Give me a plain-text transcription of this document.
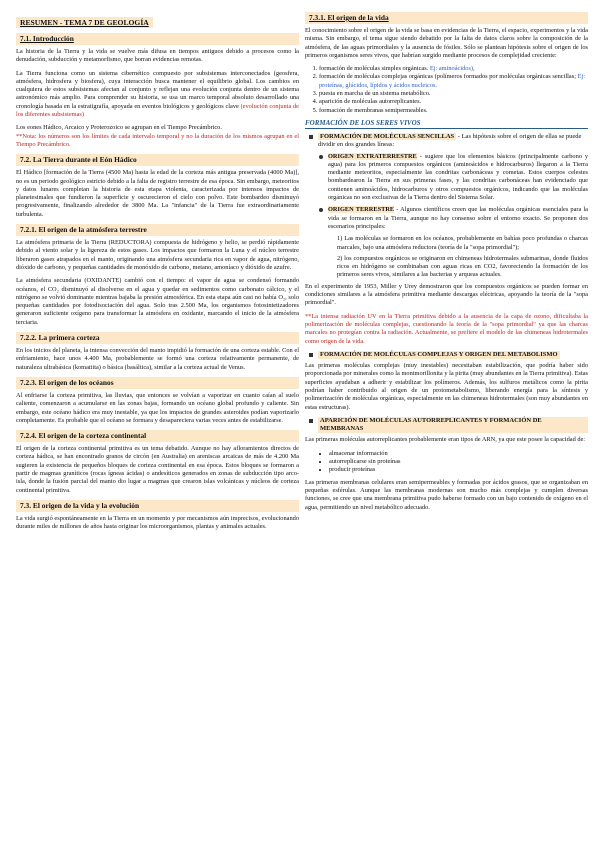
RESUMEN - TEMA 7 DE GEOLOGÍA
7.1. Introducción

La historia de la Tierra y la vida se vuelve más difusa en tiempos antiguos debido a procesos como la denudación, subducción y metamorfismo, que borran evidencias remotas.

La Tierra funciona como un sistema cibernético compuesto por subsistemas interconectados (geosfera, atmósfera, hidrosfera y biosfera), cuya interacción busca mantener el equilibrio global. Los cambios en cualquiera de estos subsistemas afectan al conjunto y reflejan una evolución conjunta dentro de un sistema astronómico más amplio. Para comprender su historia, se usa un marco temporal absoluto desarrollado una cronología basada en la estratigrafía, apoyada en eventos biológicos y geológicos clave (evolución conjunta de los diferentes subsistemas)

Los eones Hádico, Arcaico y Proterozoico se agrupan en el Tiempo Precámbrico.
**Nota: los números son los límites de cada intervalo temporal y no la duración de los mismos agrupan en el Tiempo Precámbrico.

7.2. La Tierra durante el Eón Hádico

El Hádico [formación de la Tierra (4500 Ma) hasta la edad de la corteza más antigua preservada (4000 Ma)], no es un periodo geológico estricto debido a la falta de registro terrestre de esa época. Sin embargo, meteoritos y datos lunares completan la historia de esta etapa violenta, caracterizada por intensos impactos de planetesimales que fundieron la superficie y oscurecieron el cielo con polvo. Este bombardeo disminuyó progresivamente, finalizando alrededor de 3800 Ma. La "infancia" de la Tierra fue extraordinariamente turbulenta.

7.2.1. El origen de la atmósfera terrestre

La atmósfera primaria de la Tierra (REDUCTORA) compuesta de hidrógeno y helio, se perdió rápidamente debido al viento solar y la ligereza de estos gases. Los impactos que formaron la Luna y el núcleo terrestre liberaron gases atrapados en el manto, originando una atmósfera secundaria rica en vapor de agua, nitrógeno, dióxido de carbono, y pequeñas cantidades de monóxido de carbono, metano, amoníaco y dióxido de azufre.

La atmósfera secundaria (OXIDANTE) cambió con el tiempo: el vapor de agua se condensó formando océanos, el CO₂ disminuyó al disolverse en el agua y quedar en sedimentos como carbonato cálcico, y el nitrógeno se volvió dominante mientras bajaba la presión atmosférica. En esta etapa aún casi no había O₂, solo pequeñas cantidades por fotodisociación del agua. Solo tras 2.500 Ma, los organismos fotosintetizadores generaron suficiente oxígeno para transformar la atmósfera en oxidante, marcando el inicio de la atmósfera terciaria.

7.2.2. La primera corteza

En los inicios del planeta, la intensa convección del manto impidió la formación de una corteza estable. Con el enfriamiento, hace unos 4.400 Ma, probablemente se formó una corteza relativamente permanente, de naturaleza ultrabásica (komatiita) o básica (basáltica), similar a la corteza actual de Venus.

7.2.3. El origen de los océanos

Al enfriarse la corteza primitiva, las lluvias, que entonces se volvían a vaporizar en cuanto caían al suelo caliente, comenzaron a acumularse en las zonas bajas, formando un océano global profundo y caliente. Sin embargo, este océano hádico era muy inestable, ya que los impactos de grandes asteroides podían vaporizarlo completamente. Es probable que el océano se formara y desapareciera varias veces antes de estabilizarse.

7.2.4. El origen de la corteza continental

El origen de la corteza continental primitiva es un tema debatido. Aunque no hay afloramientos directos de corteza hádica, se han encontrado granos de circón (en Australia) en areniscas arcaicas de más de 4.200 Ma sugieren la existencia de pequeños bloques de corteza continental en esa época. Estos bloques se formaron a partir de magmas graníticos (rocas ígneas ácidas) o andesíticos generados en zonas de subducción tipo arco-isla, donde la fusión parcial del manto dio lugar a magmas que crearon islas volcánicas y núcleos de corteza continental primitiva.

7.3. El origen de la vida y la evolución

La vida surgió espontáneamente en la Tierra en un momento y por mecanismos aún imprecisos, evolucionando durante miles de millones de años hasta originar los microorganismos, plantas y animales actuales.

7.3.1. El origen de la vida

El conocimiento sobre el origen de la vida se basa en evidencias de la Tierra, el espacio, experimentos y la vida misma. Sin embargo, el tema sigue siendo debatido por la falta de datos claros sobre la composición de la atmósfera, de las aguas primordiales y la ausencia de fósiles. Sólo se plantean hipótesis sobre el origen de los primeros organismos seres vivos, que habrían surgido mediante procesos de complejidad creciente:

1. formación de moléculas simples orgánicas. Ej: aminoácidos),
2. formación de moléculas complejas orgánicas (polímeros formados por moléculas orgánicas sencillas; Ej: proteínas, glúcidos, lípidos y ácidos nucleicos.
3. puesta en marcha de un sistema metabólico.
4. aparición de moléculas autorreplicantes.
5. formación de membranas semipermeables.
FORMACIÓN DE LOS SERES VIVOS
FORMACIÓN DE MOLÉCULAS SENCILLAS - Las hipótesis sobre el origen de ellas se puede dividir en dos grandes líneas:
ORIGEN EXTRATERRESTRE - sugiere que los elementos básicos (principalmente carbono y agua) para los primeros compuestos orgánicos (aminoácidos e hidrocarburos) llegaron a la Tierra mediante meteoritos, especialmente las condritas carbonáceas y cometas. Estos cuerpos celestes bombardearon la Tierra en sus primeras fases, y las condritas carbonáceas han evidenciado que contienen aminoácidos, hidrocarburos y otros compuestos orgánicos, indicando que las moléculas orgánicas no son exclusivas de la Tierra dentro del Sistema Solar.
ORIGEN TERRESTRE - Algunos científicos creen que las moléculas orgánicas esenciales para la vida se formaron en la Tierra, aunque no hay consenso sobre el entorno exacto. Se proponen dos escenarios principales:
1) Las moléculas se formaron en los océanos, probablemente en bahías poco profundas o charcas marcales, bajo una atmósfera reductora (teoría de la "sopa primordial");
2) los compuestos orgánicos se originaron en chimeneas hidrotermales submarinas, donde fluidos ricos en hidrógeno se combinaban con aguas ricas en CO2, favoreciendo la formación de los primeros seres vivos, similares a las bacterias y arqueas actuales.

En el experimento de 1953, Miller y Urey demostraron que los compuestos orgánicos se pueden formar en condiciones similares a la atmósfera primitiva mediante descargas eléctricas, apoyando la teoría de la "sopa primordial".

**La intensa radiación UV en la Tierra primitiva debido a la ausencia de la capa de ozono, dificultaba la polimerización de moléculas complejas, cuestionando la teoría de la "sopa primordial" ya que las charcas marcales no protegían contra la radiación. Actualmente, se prefiere el modelo de las chimeneas hidrotermales como origen de la vida.

FORMACIÓN DE MOLÉCULAS COMPLEJAS Y ORIGEN DEL METABOLISMO

Las primeras moléculas complejas (muy inestables) necesitaban estabilización, que podría haber sido proporcionada por minerales como la montmorillonita y la pirita (muy abundantes en la Tierra primitiva). Estas superficies ayudaban a adherir y estabilizar los polímeros. Además, los sulfuros metálicos como la pirita podrían haber contribuido al origen de un protometabolismo, liberando energía para la síntesis y polimerización de moléculas orgánicas, especialmente en las chimeneas hidrotermales (son muy abundantes en estas estructuras).

APARICIÓN DE MOLÉCULAS AUTORREPLICANTES Y FORMACIÓN DE MEMBRANAS

Las primeras moléculas autorreplicantes probablemente eran tipos de ARN, ya que este posee la capacidad de:

• almacenar información
• autorreplicarse sin proteínas
• producir proteínas

Las primeras membranas celulares eran semipermeables y formadas por ácidos grasos, que se organizaban en pequeñas esférulas. Aunque las membranas modernas son mucho más complejas y cumplen diversas funciones, se cree que una membrana primitiva pudo haberse formado con un bajo contenido de oxígeno en el agua, permitiendo un nivel metabólico adecuado.
